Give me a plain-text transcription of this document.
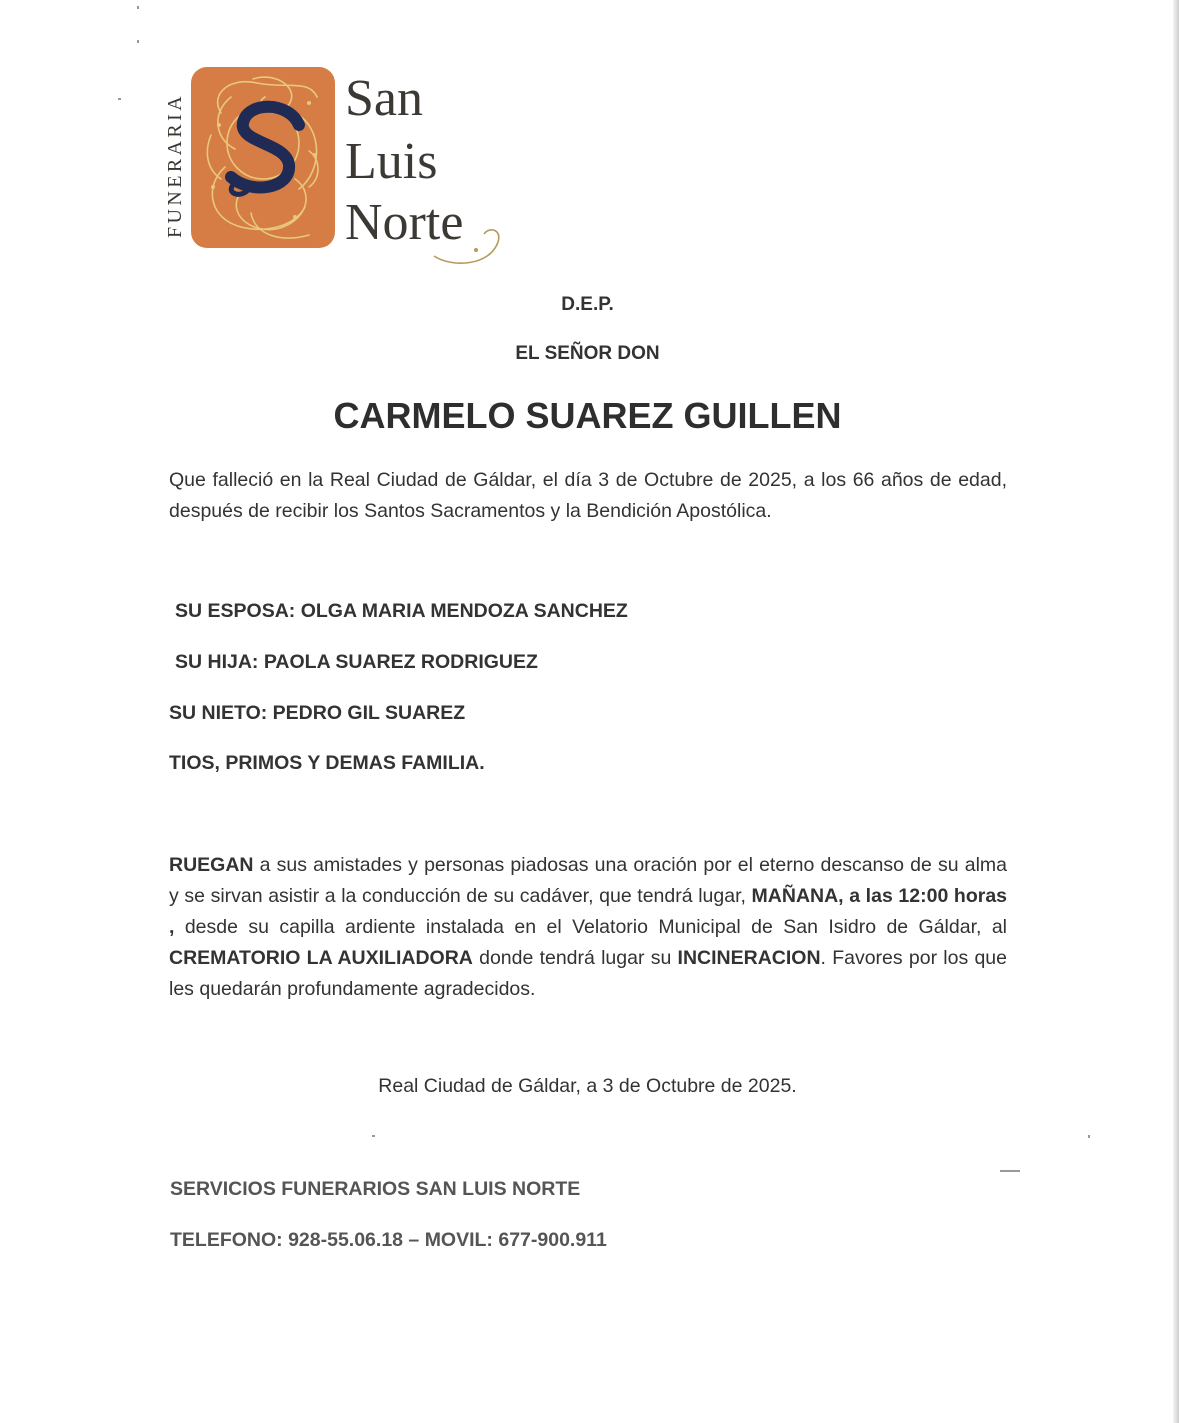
FUNERARIA	San
Luis
Norte
D.E.P.
EL SEÑOR DON
CARMELO SUAREZ GUILLEN
Que falleció en la Real Ciudad de Gáldar, el día 3 de Octubre de 2025, a los 66 años de edad, después de recibir los Santos Sacramentos y la Bendición Apostólica.
SU ESPOSA: OLGA MARIA MENDOZA SANCHEZ
SU HIJA: PAOLA SUAREZ RODRIGUEZ
SU NIETO: PEDRO GIL SUAREZ
TIOS, PRIMOS Y DEMAS FAMILIA.
RUEGAN a sus amistades y personas piadosas una oración por el eterno descanso de su alma y se sirvan asistir a la conducción de su cadáver, que tendrá lugar, MAÑANA, a las 12:00 horas , desde su capilla ardiente instalada en el Velatorio Municipal de San Isidro de Gáldar, al CREMATORIO LA AUXILIADORA donde tendrá lugar su INCINERACION. Favores por los que les quedarán profundamente agradecidos.
Real Ciudad de Gáldar, a 3 de Octubre de 2025.
SERVICIOS FUNERARIOS SAN LUIS NORTE
TELEFONO: 928-55.06.18 – MOVIL: 677-900.911
